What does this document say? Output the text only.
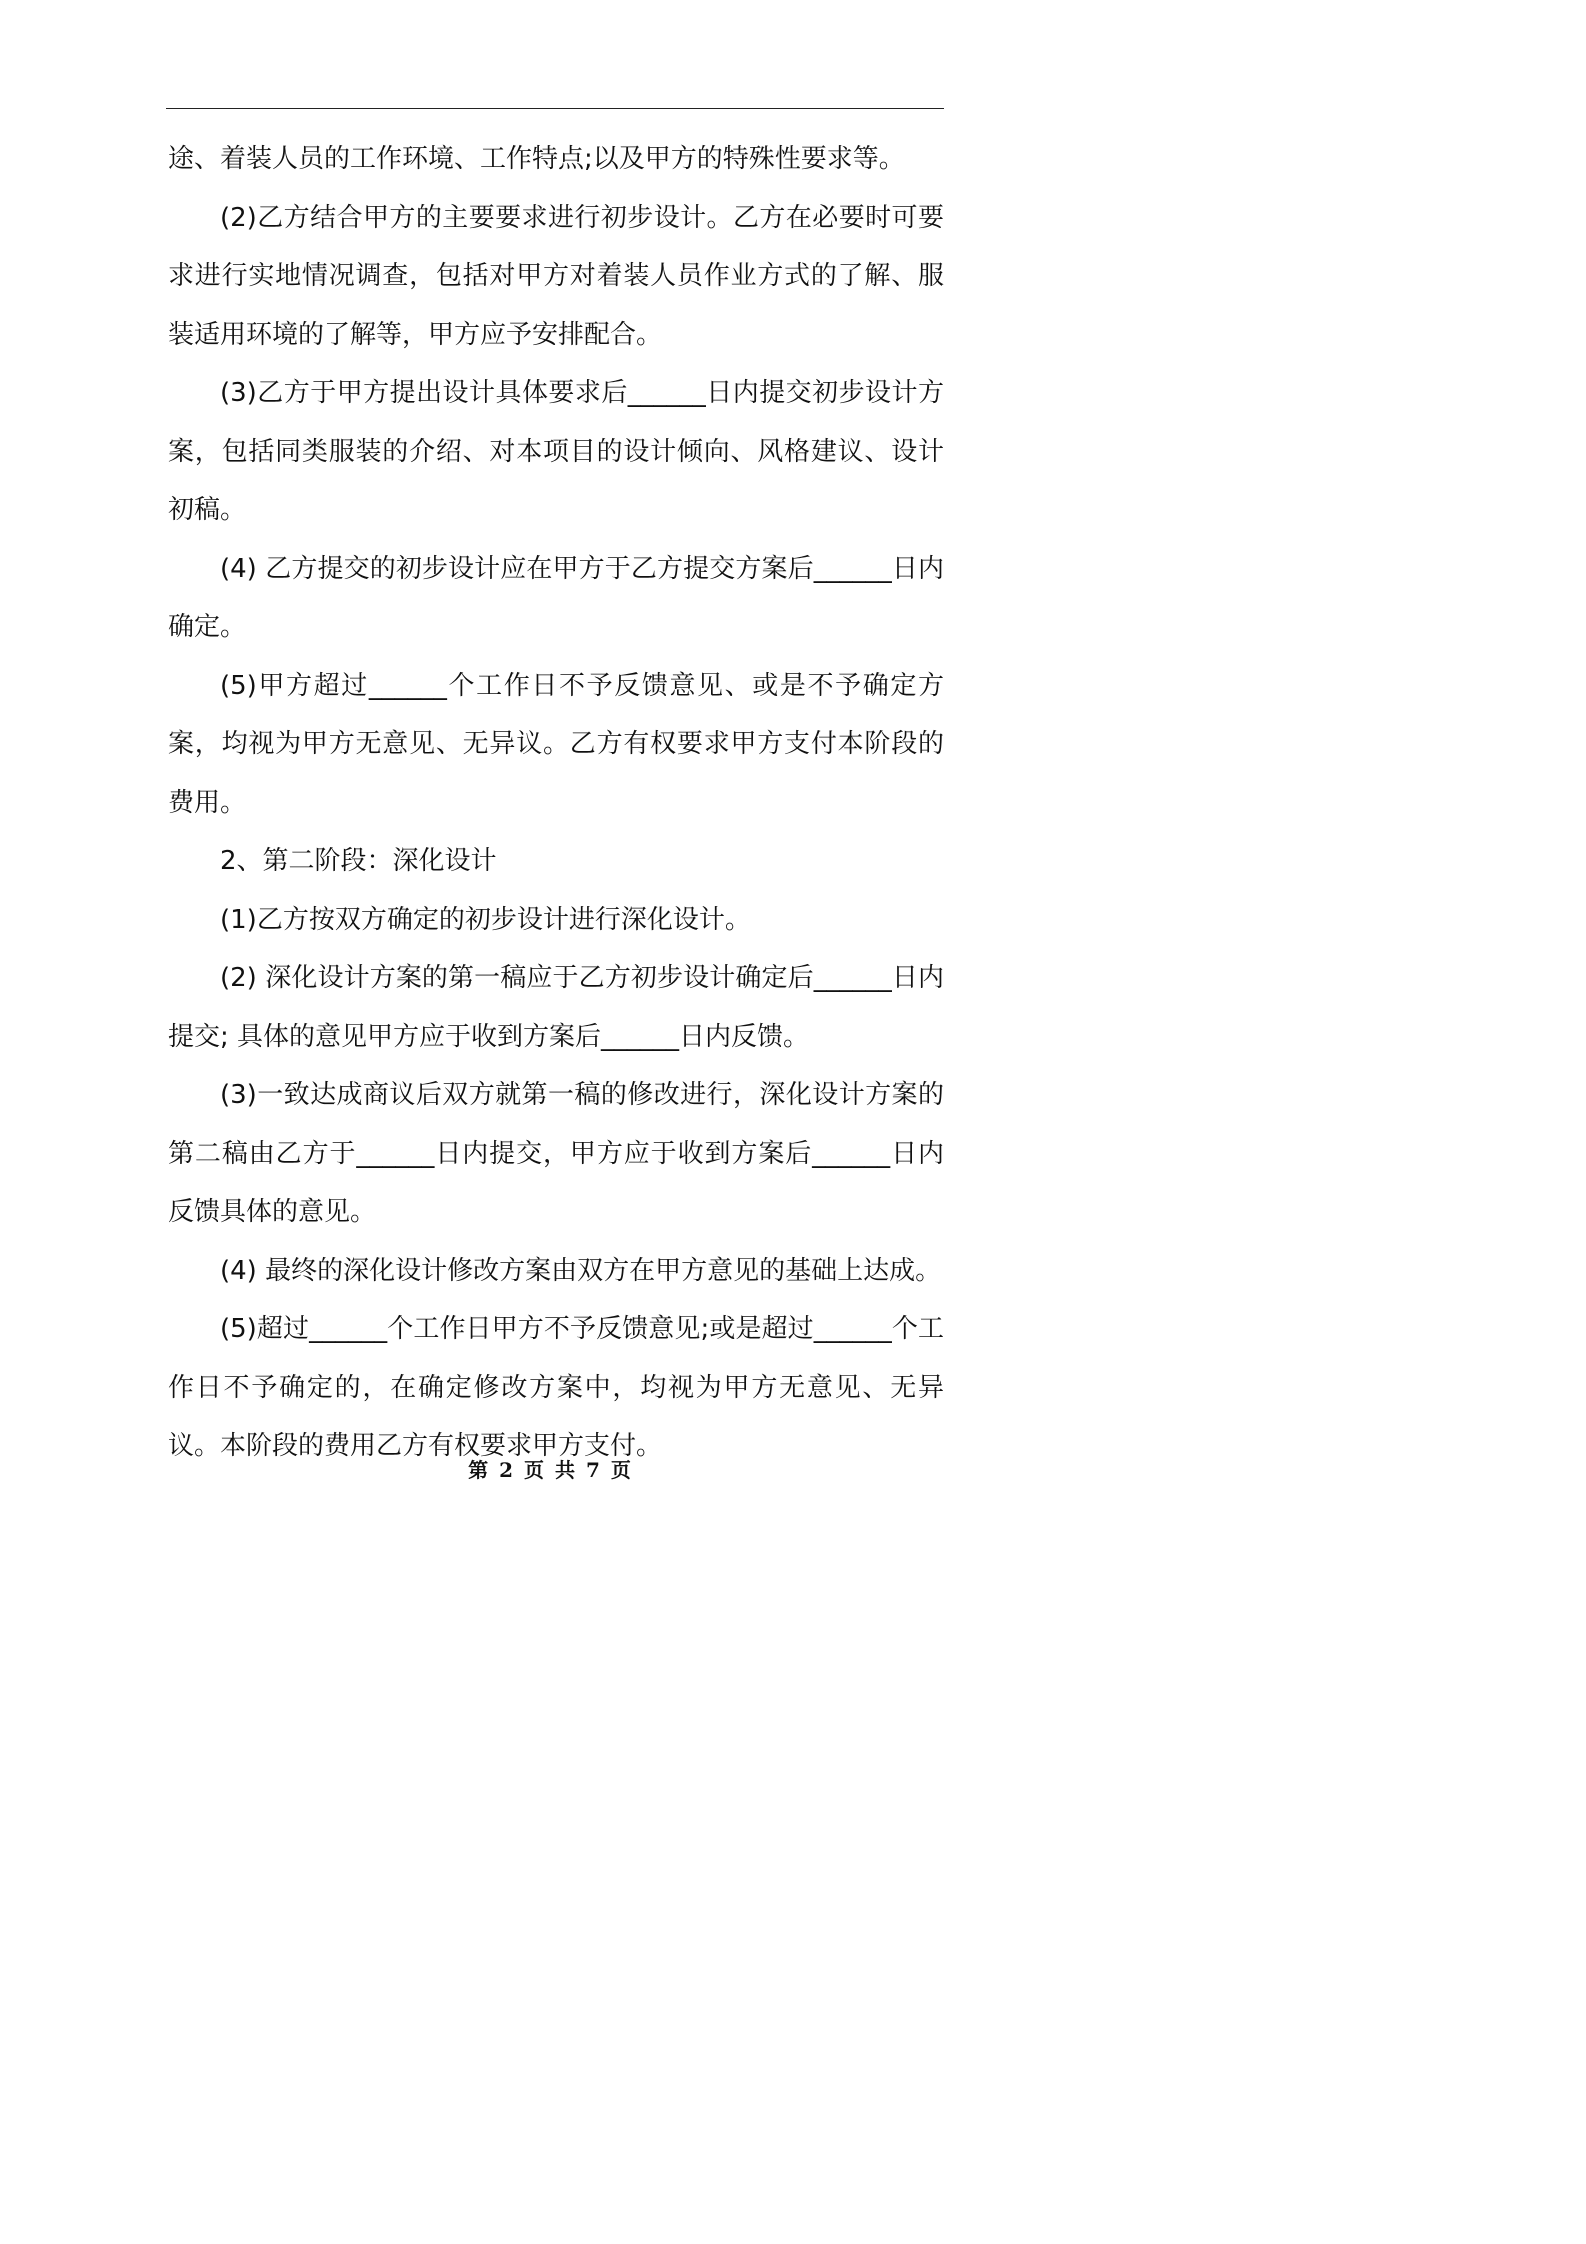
途、着装人员的工作环境、工作特点;以及甲方的特殊性要求等。

(2)乙方结合甲方的主要要求进行初步设计。乙方在必要时可要求进行实地情况调查，包括对甲方对着装人员作业方式的了解、服装适用环境的了解等，甲方应予安排配合。

(3)乙方于甲方提出设计具体要求后______日内提交初步设计方案，包括同类服装的介绍、对本项目的设计倾向、风格建议、设计初稿。

(4) 乙方提交的初步设计应在甲方于乙方提交方案后______日内确定。

(5)甲方超过______个工作日不予反馈意见、或是不予确定方案，均视为甲方无意见、无异议。乙方有权要求甲方支付本阶段的费用。

2、第二阶段：深化设计

(1)乙方按双方确定的初步设计进行深化设计。

(2) 深化设计方案的第一稿应于乙方初步设计确定后______日内提交; 具体的意见甲方应于收到方案后______日内反馈。

(3)一致达成商议后双方就第一稿的修改进行，深化设计方案的第二稿由乙方于______日内提交，甲方应于收到方案后______日内反馈具体的意见。

(4) 最终的深化设计修改方案由双方在甲方意见的基础上达成。

(5)超过______个工作日甲方不予反馈意见;或是超过______个工作日不予确定的，在确定修改方案中，均视为甲方无意见、无异议。本阶段的费用乙方有权要求甲方支付。

第 2 页 共 7 页
